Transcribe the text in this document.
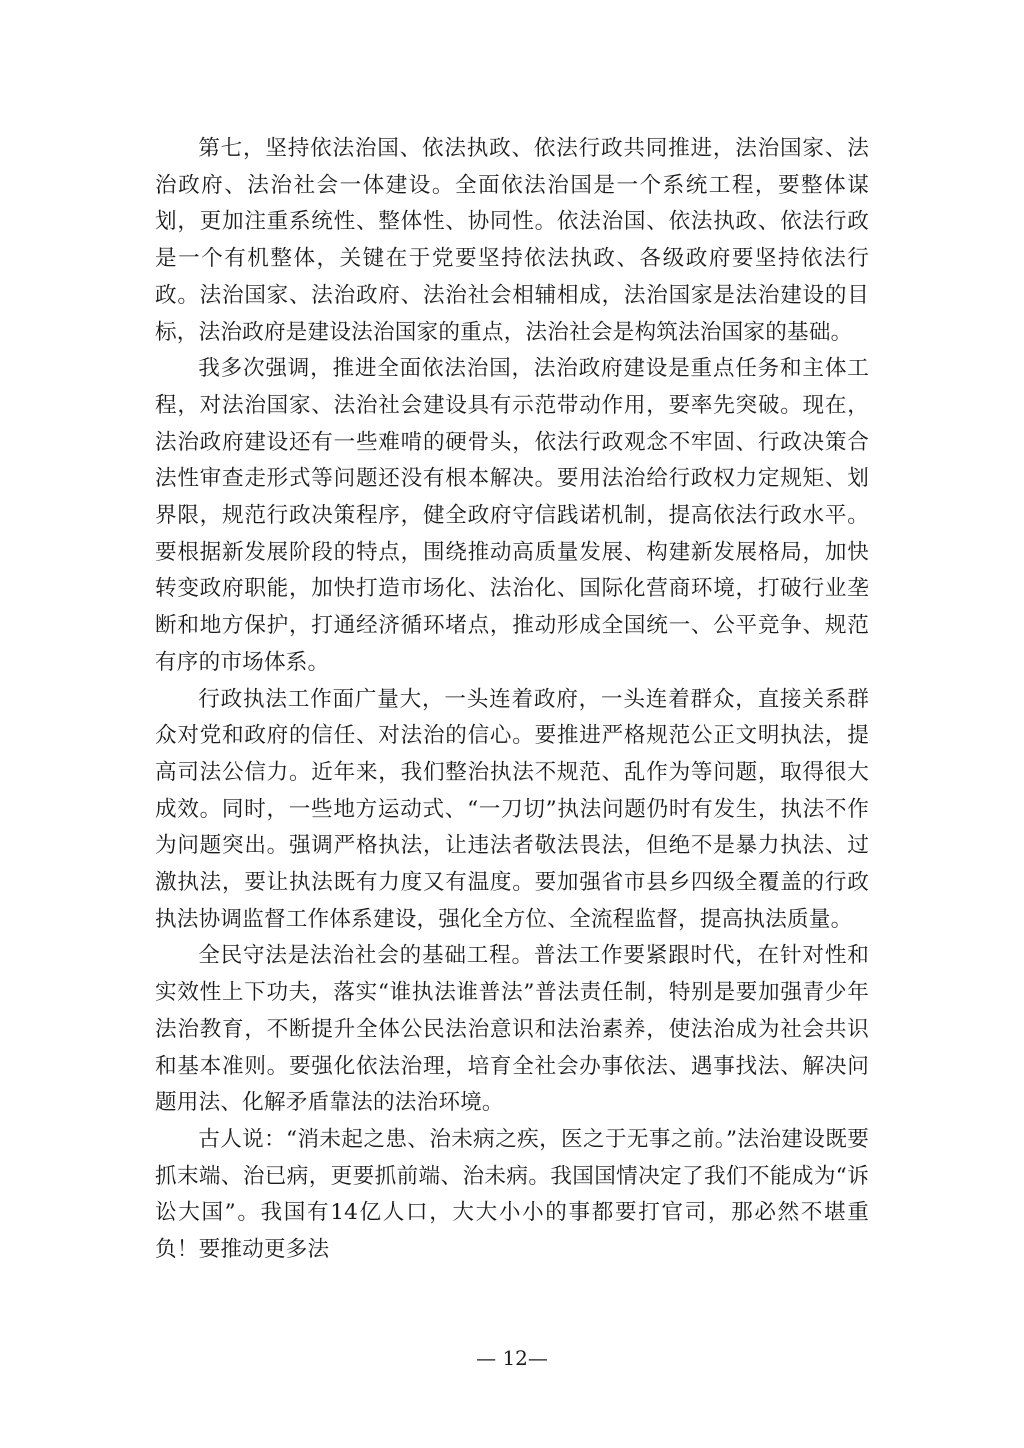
第七，坚持依法治国、依法执政、依法行政共同推进，法治国家、法治政府、法治社会一体建设。全面依法治国是一个系统工程，要整体谋划，更加注重系统性、整体性、协同性。依法治国、依法执政、依法行政是一个有机整体，关键在于党要坚持依法执政、各级政府要坚持依法行政。法治国家、法治政府、法治社会相辅相成，法治国家是法治建设的目标，法治政府是建设法治国家的重点，法治社会是构筑法治国家的基础。

我多次强调，推进全面依法治国，法治政府建设是重点任务和主体工程，对法治国家、法治社会建设具有示范带动作用，要率先突破。现在，法治政府建设还有一些难啃的硬骨头，依法行政观念不牢固、行政决策合法性审查走形式等问题还没有根本解决。要用法治给行政权力定规矩、划界限，规范行政决策程序，健全政府守信践诺机制，提高依法行政水平。要根据新发展阶段的特点，围绕推动高质量发展、构建新发展格局，加快转变政府职能，加快打造市场化、法治化、国际化营商环境，打破行业垄断和地方保护，打通经济循环堵点，推动形成全国统一、公平竞争、规范有序的市场体系。

行政执法工作面广量大，一头连着政府，一头连着群众，直接关系群众对党和政府的信任、对法治的信心。要推进严格规范公正文明执法，提高司法公信力。近年来，我们整治执法不规范、乱作为等问题，取得很大成效。同时，一些地方运动式、“一刀切”执法问题仍时有发生，执法不作为问题突出。强调严格执法，让违法者敬法畏法，但绝不是暴力执法、过激执法，要让执法既有力度又有温度。要加强省市县乡四级全覆盖的行政执法协调监督工作体系建设，强化全方位、全流程监督，提高执法质量。

全民守法是法治社会的基础工程。普法工作要紧跟时代，在针对性和实效性上下功夫，落实“谁执法谁普法”普法责任制，特别是要加强青少年法治教育，不断提升全体公民法治意识和法治素养，使法治成为社会共识和基本准则。要强化依法治理，培育全社会办事依法、遇事找法、解决问题用法、化解矛盾靠法的法治环境。

古人说：“消未起之患、治未病之疾，医之于无事之前。”法治建设既要抓末端、治已病，更要抓前端、治未病。我国国情决定了我们不能成为“诉讼大国”。我国有14亿人口，大大小小的事都要打官司，那必然不堪重负！要推动更多法

— 12—
